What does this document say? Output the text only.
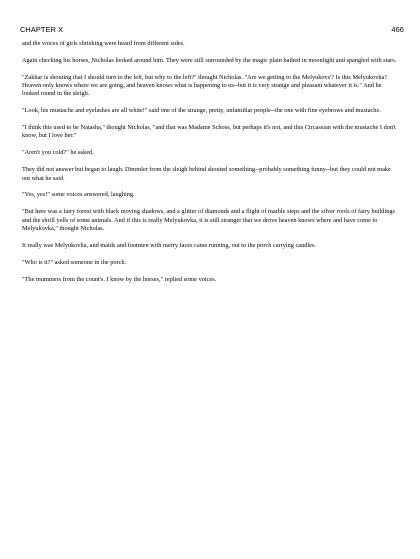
CHAPTER X	466

and the voices of girls shrieking were heard from different sides.

Again checking his horses, Nicholas looked around him. They were still surrounded by the magic plain bathed in moonlight and spangled with stars.

"Zakhar is shouting that I should turn to the left, but why to the left?" thought Nicholas. "Are we getting to the Melyukovs'? Is this Melyukovka? Heaven only knows where we are going, and heaven knows what is happening to us--but it is very strange and pleasant whatever it is." And he looked round in the sleigh.

"Look, his mustache and eyelashes are all white!" said one of the strange, pretty, unfamiliar people--the one with fine eyebrows and mustache.

"I think this used to be Natasha," thought Nicholas, "and that was Madame Schoss, but perhaps it's not, and this Circassian with the mustache I don't know, but I love her."

"Aren't you cold?" he asked.

They did not answer but began to laugh. Dimmler from the sleigh behind shouted something--probably something funny--but they could not make out what he said.

"Yes, yes!" some voices answered, laughing.

"But here was a fairy forest with black moving shadows, and a glitter of diamonds and a flight of marble steps and the silver roofs of fairy buildings and the shrill yells of some animals. And if this is really Melyukovka, it is still stranger that we drove heaven knows where and have come to Melyukovka," thought Nicholas.

It really was Melyukovka, and maids and footmen with merry faces came running, out to the porch carrying candles.

"Who is it?" asked someone in the porch.

"The mummers from the count's. I know by the horses," replied some voices.
